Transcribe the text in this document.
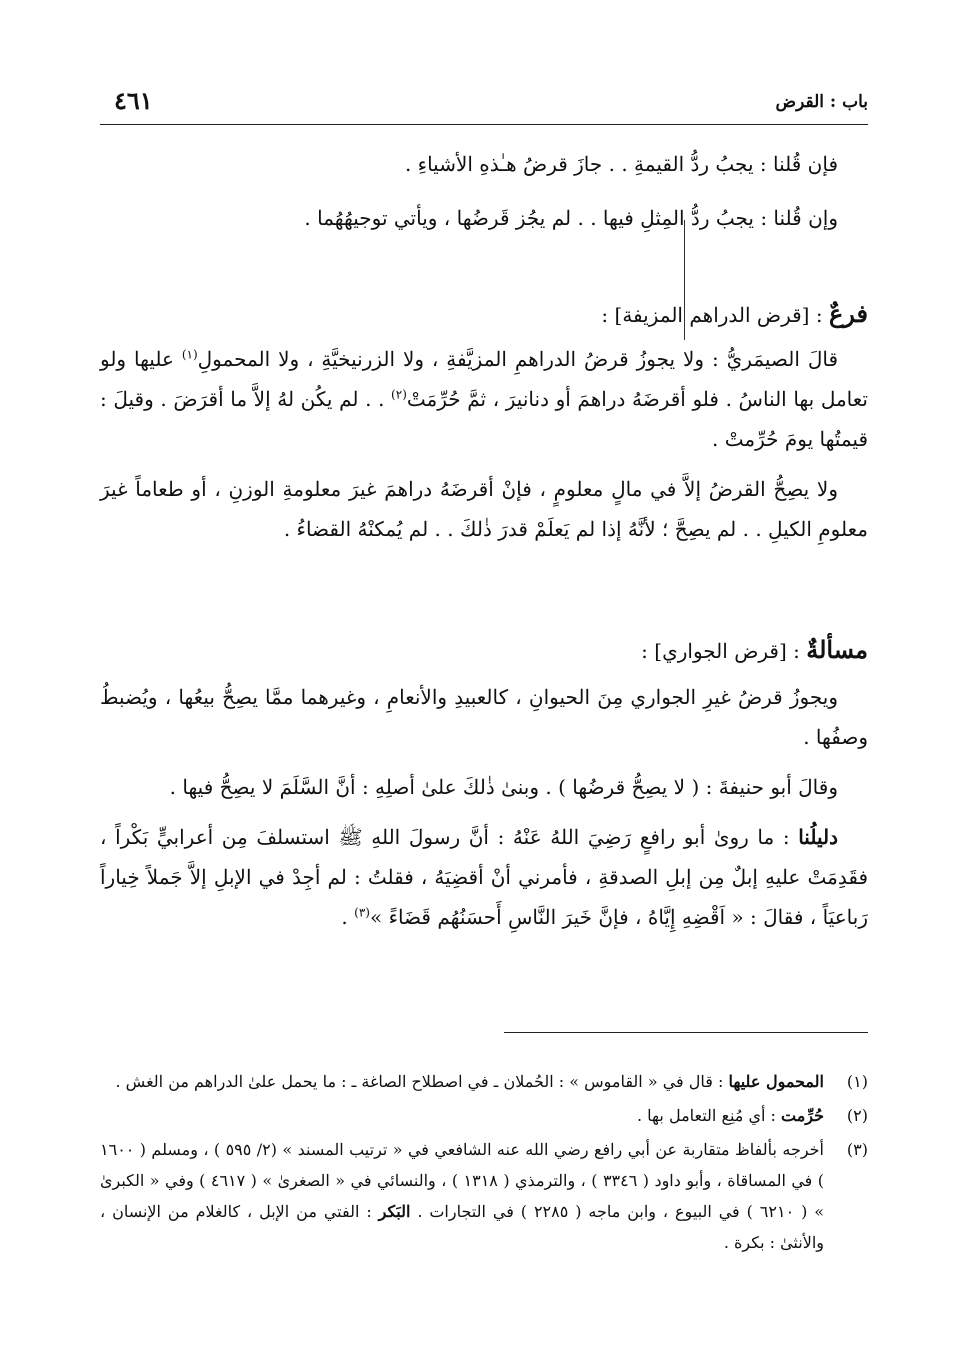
باب : القرض
٤٦١

فإن قُلنا : يجبُ ردُّ القيمةِ . . جازَ قرضُ هـٰذهِ الأشياءِ .

وإن قُلنا : يجبُ ردُّ المِثلِ فيها . . لم يجُز قَرضُها ، ويأتي توجيهُهُما .

فرعٌ : [قرض الدراهم المزيفة] :

قالَ الصيمَريُّ : ولا يجوزُ قرضُ الدراهمِ المزيَّفةِ ، ولا الزرنيخيَّةِ ، ولا المحمولِ$^{(١)}$ عليها ولو تعامل بها الناسُ . فلو أقرضَهُ دراهمَ أو دنانيرَ ، ثمَّ حُرِّمَتْ$^{(٢)}$ . . لم يكُن لهُ إلاَّ ما أقرَضَ . وقيلَ : قيمتُها يومَ حُرِّمتْ .

ولا يصِحُّ القرضُ إلاَّ في مالٍ معلومٍ ، فإنْ أقرضَهُ دراهمَ غيرَ معلومةِ الوزنِ ، أو طعاماً غيرَ معلومِ الكيلِ . . لم يصِحَّ ؛ لأنَّهُ إذا لم يَعلَمْ قدرَ ذٰلكَ . . لم يُمكنْهُ القضاءُ .

مسألةٌ : [قرض الجواري] :

ويجوزُ قرضُ غيرِ الجواري مِنَ الحيوانِ ، كالعبيدِ والأنعامِ ، وغيرهما ممَّا يصِحُّ بيعُها ، ويُضبطُ وصفُها .

وقالَ أبو حنيفةَ : ( لا يصِحُّ قرضُها ) . وبنىٰ ذٰلكَ علىٰ أصلِهِ : أنَّ السَّلَمَ لا يصِحُّ فيها .

دليلُنا : ما روىٰ أبو رافعٍ رَضِيَ اللهُ عَنْهُ : أنَّ رسولَ اللهِ ﷺ استسلفَ مِن أعرابيٍّ بَكْراً ، فقَدِمَتْ عليهِ إبلٌ مِن إبلِ الصدقةِ ، فأمرني أنْ أقضِيَهُ ، فقلتُ : لم أجِدْ في الإبلِ إلاَّ جَملاً خِياراً رَباعيَاً ، فقالَ : « اَقْضِهِ إِيَّاهُ ، فإنَّ خَيرَ النَّاسِ أَحسَنُهُم قَضَاءً »$^{(٣)}$ .

(١)
المحمول عليها : قال في « القاموس » : الحُملان ـ في اصطلاح الصاغة ـ : ما يحمل علىٰ الدراهم من الغش .
(٢)
حُرِّمت : أي مُنِع التعامل بها .
(٣)
أخرجه بألفاظ متقاربة عن أبي رافع رضي الله عنه الشافعي في « ترتيب المسند » (٢/ ٥٩٥ ) ، ومسلم ( ١٦٠٠ ) في المساقاة ، وأبو داود ( ٣٣٤٦ ) ، والترمذي ( ١٣١٨ ) ، والنسائي في « الصغرىٰ » ( ٤٦١٧ ) وفي « الكبرىٰ » ( ٦٢١٠ ) في البيوع ، وابن ماجه ( ٢٢٨٥ ) في التجارات . البَكر : الفتي من الإبل ، كالغلام من الإنسان ، والأنثىٰ : بكرة .
